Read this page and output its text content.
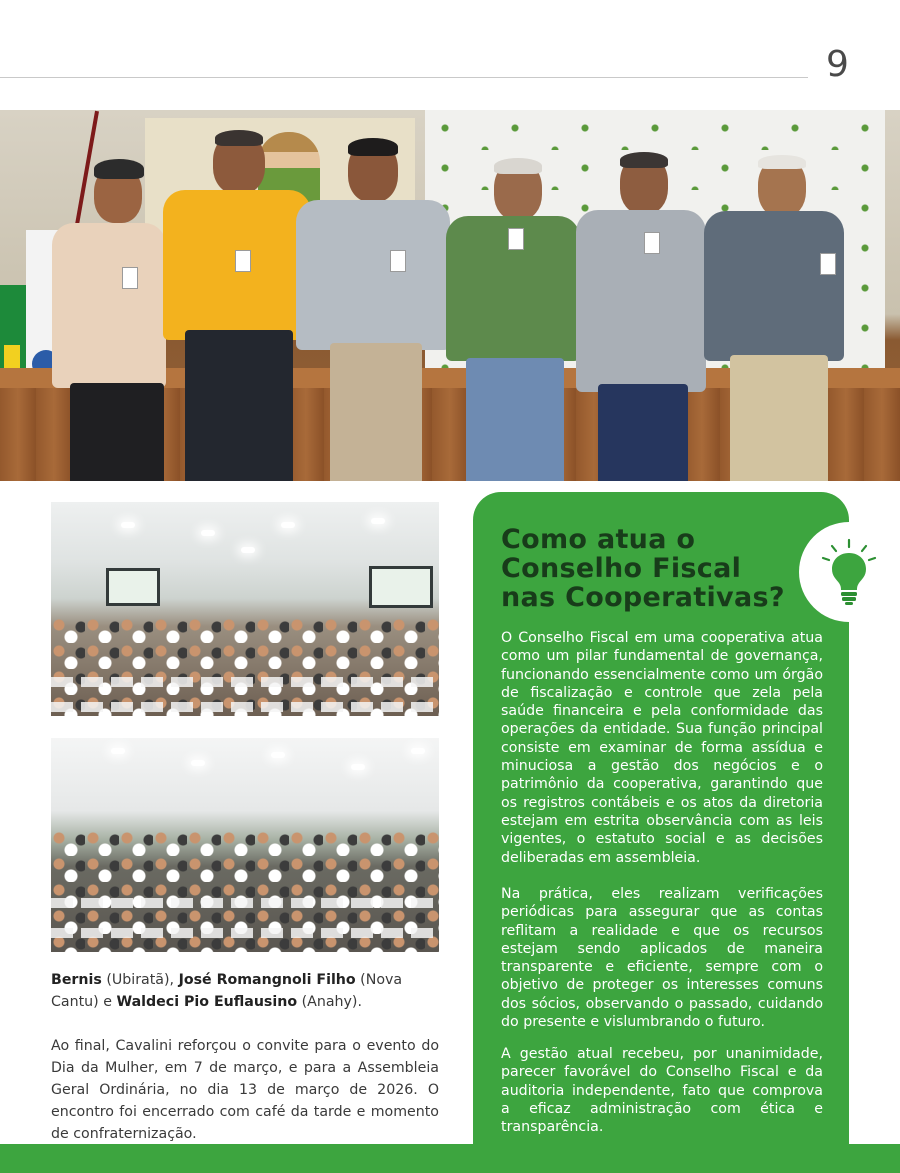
9
Bernis (Ubiratã), José Romangnoli Filho (Nova Cantu) e Waldeci Pio Euflausino (Anahy).
Ao final, Cavalini reforçou o convite para o evento do Dia da Mulher, em 7 de março, e para a Assembleia Geral Ordinária, no dia 13 de março de 2026. O encontro foi encerrado com café da tarde e momento de confraternização.
Como atua o Conselho Fiscal nas Cooperativas?
O Conselho Fiscal em uma cooperativa atua como um pilar fundamental de governança, funcionando essencialmente como um órgão de fiscalização e controle que zela pela saúde financeira e pela conformidade das operações da entidade. Sua função principal consiste em examinar de forma assídua e minuciosa a gestão dos negócios e o patrimônio da cooperativa, garantindo que os registros contábeis e os atos da diretoria estejam em estrita observância com as leis vigentes, o estatuto social e as decisões deliberadas em assembleia.
Na prática, eles realizam verificações periódicas para assegurar que as contas reflitam a realidade e que os recursos estejam sendo aplicados de maneira transparente e eficiente, sempre com o objetivo de proteger os interesses comuns dos sócios, observando o passado, cuidando do presente e vislumbrando o futuro.
A gestão atual recebeu, por unanimidade, parecer favorável do Conselho Fiscal e da auditoria independente, fato que comprova a eficaz administração com ética e transparência.
